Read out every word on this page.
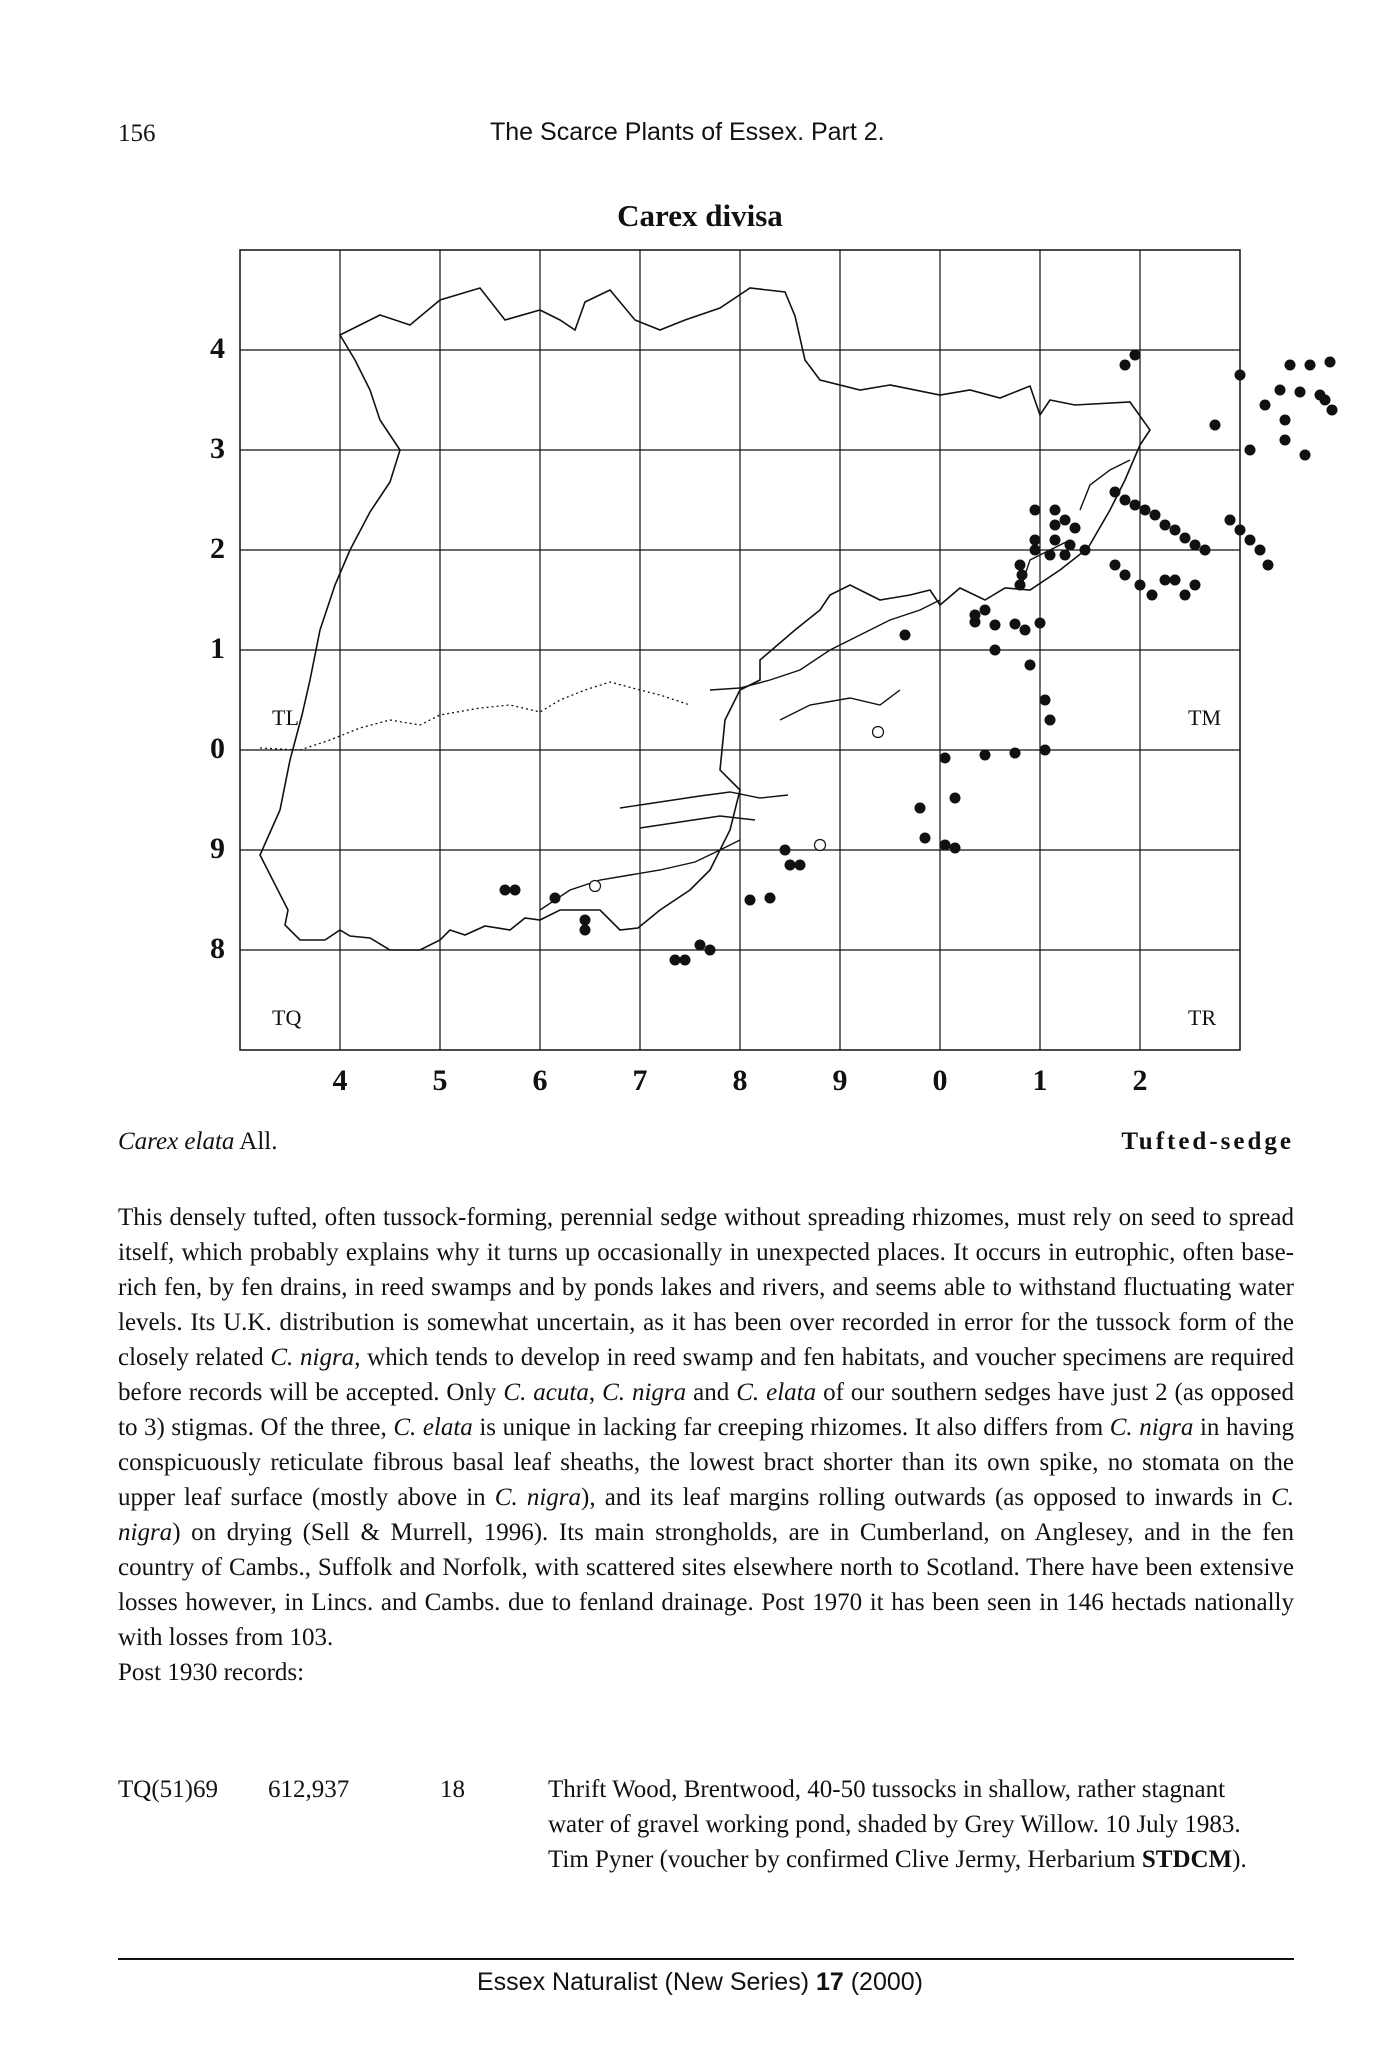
156	The Scarce Plants of Essex. Part 2.
Carex divisa
4
3
2
1
0
9
8
4	5	6	7	8	9	0	1	2
TL	TM
TQ	TR
Carex elata All.	Tufted-sedge

This densely tufted, often tussock-forming, perennial sedge without spreading rhizomes, must rely on seed to spread itself, which probably explains why it turns up occasionally in unexpected places. It occurs in eutrophic, often base-rich fen, by fen drains, in reed swamps and by ponds lakes and rivers, and seems able to withstand fluctuating water levels. Its U.K. distribution is somewhat uncertain, as it has been over recorded in error for the tussock form of the closely related C. nigra, which tends to develop in reed swamp and fen habitats, and voucher specimens are required before records will be accepted. Only C. acuta, C. nigra and C. elata of our southern sedges have just 2 (as opposed to 3) stigmas. Of the three, C. elata is unique in lacking far creeping rhizomes. It also differs from C. nigra in having conspicuously reticulate fibrous basal leaf sheaths, the lowest bract shorter than its own spike, no stomata on the upper leaf surface (mostly above in C. nigra), and its leaf margins rolling outwards (as opposed to inwards in C. nigra) on drying (Sell & Murrell, 1996). Its main strongholds, are in Cumberland, on Anglesey, and in the fen country of Cambs., Suffolk and Norfolk, with scattered sites elsewhere north to Scotland. There have been extensive losses however, in Lincs. and Cambs. due to fenland drainage. Post 1970 it has been seen in 146 hectads nationally with losses from 103.

Post 1930 records:

TQ(51)69 612,937	18	Thrift Wood, Brentwood, 40-50 tussocks in shallow, rather stagnant water of gravel working pond, shaded by Grey Willow. 10 July 1983. Tim Pyner (voucher by confirmed Clive Jermy, Herbarium STDCM).
Essex Naturalist (New Series) 17 (2000)
